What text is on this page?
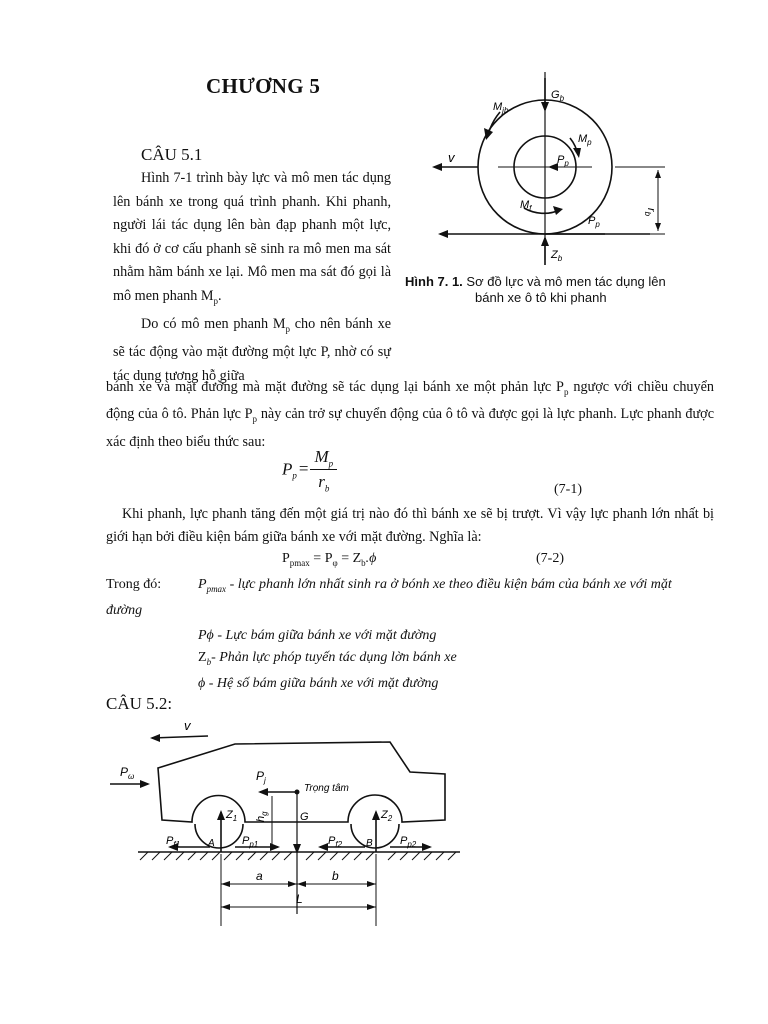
CHƯƠNG 5
CÂU 5.1

Hình 7-1 trình bày lực và mô men tác dụng lên bánh xe trong quá trình phanh. Khi phanh, người lái tác dụng lên bàn đạp phanh một lực, khi đó ở cơ cấu phanh sẽ sinh ra mô men ma sát nhằm hãm bánh xe lại. Mô men ma sát đó gọi là mô men phanh $M_p$.

Do có mô men phanh $M_p$ cho nên bánh xe sẽ tác động vào mặt đường một lực P, nhờ có sự tác dụng tương hỗ giữa

v
$G_b$
$M_{jb}$
$M_p$
$P_p$
$M_f$
$P_p$
$Z_b$
$r_b$
Hình 7. 1. Sơ đồ lực và mô men tác dụng lên
bánh xe ô tô khi phanh

bánh xe và mặt đường mà mặt đường sẽ tác dụng lại bánh xe một phản lực $P_p$ ngược với chiều chuyển động của ô tô. Phản lực $P_p$ này cản trở sự chuyển động của ô tô và được gọi là lực phanh. Lực phanh được xác định theo biểu thức sau:

$P_p = \frac{M_p}{r_b}$	(7-1)

Khi phanh, lực phanh tăng đến một giá trị nào đó thì bánh xe sẽ bị trượt. Vì vậy lực phanh lớn nhất bị giới hạn bởi điều kiện bám giữa bánh xe với mặt đường. Nghĩa là:

$P_{pmax} = P_\varphi = Z_b.\phi$	(7-2)
Trong đó:	$P_{pmax}$ - lực phanh lớn nhất sinh ra ở bónh xe theo điều kiện bám của bánh xe với mặt
đường
Pϕ - Lực bám giữa bánh xe với mặt đường
$Z_b-$ Phản lực phóp tuyến tác dụng lờn bánh xe
ϕ - Hệ số bám giữa bánh xe với mặt đường
CÂU 5.2:
v
$P_\omega$	$P_j$
Trọng tâm
$Z_1$	$Z_2$
$h_g$	G
$P_{f1}$	A $P_{p1}$	$P_{f2}$ B $P_{p2}$
a	b
L
